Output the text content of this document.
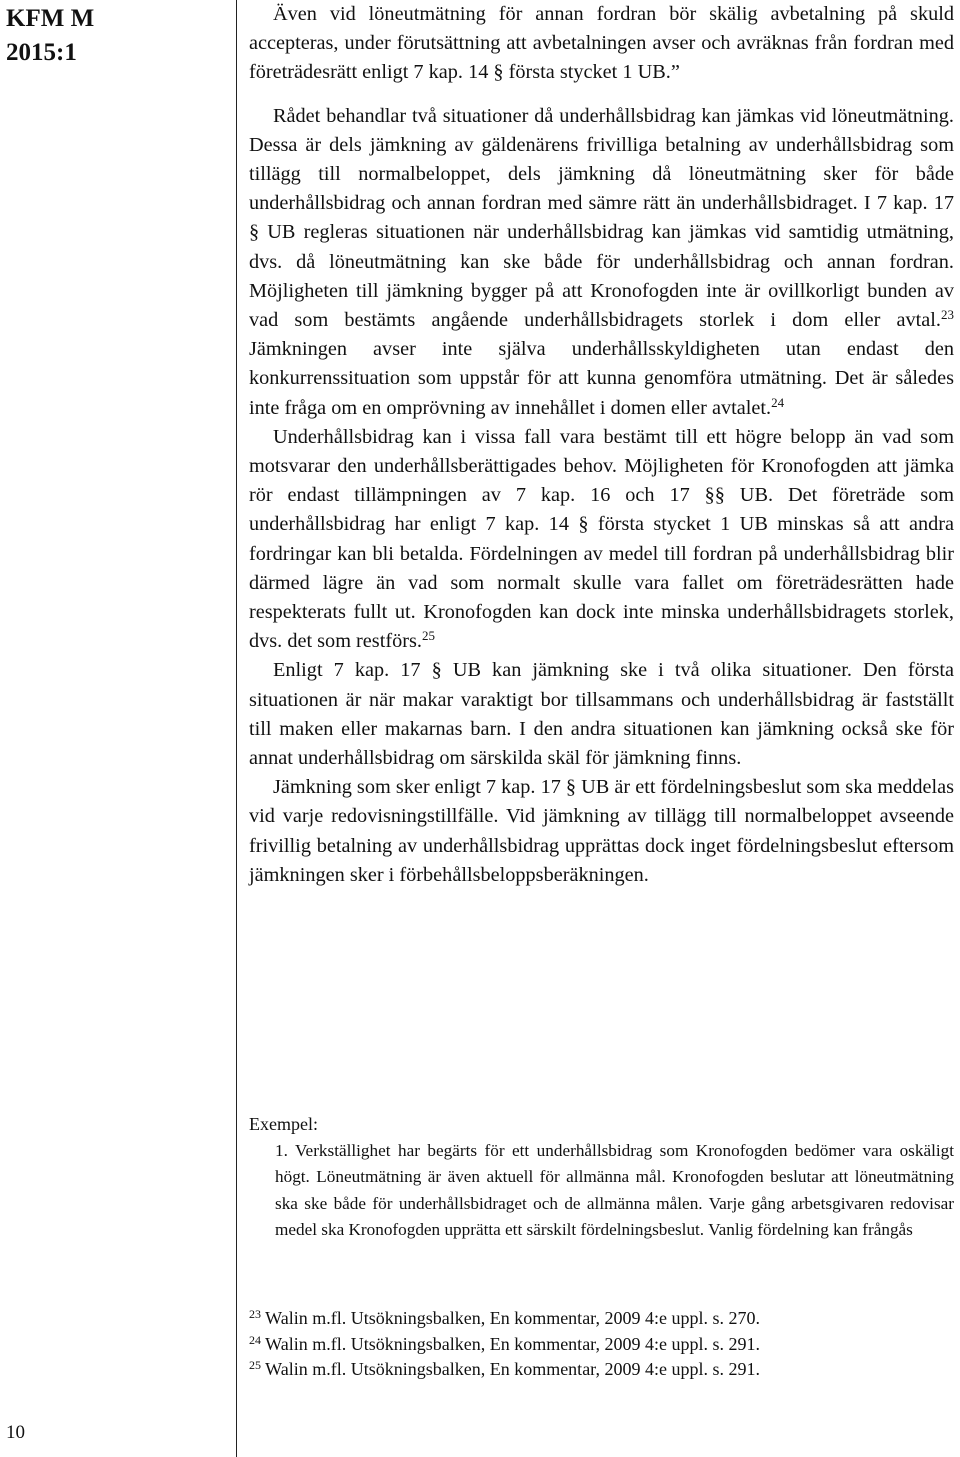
KFM M
2015:1
10

Även vid löneutmätning för annan fordran bör skälig avbetalning på skuld accepteras, under förutsättning att avbetalningen avser och avräknas från fordran med företrädesrätt enligt 7 kap. 14 § första stycket 1 UB.”

Rådet behandlar två situationer då underhållsbidrag kan jämkas vid löneutmätning. Dessa är dels jämkning av gäldenärens frivilliga betalning av underhållsbidrag som tillägg till normalbeloppet, dels jämkning då löneutmätning sker för både underhållsbidrag och annan fordran med sämre rätt än underhållsbidraget. I 7 kap. 17 § UB regleras situationen när underhållsbidrag kan jämkas vid samtidig utmätning, dvs. då löneutmätning kan ske både för underhållsbidrag och annan fordran. Möjligheten till jämkning bygger på att Kronofogden inte är ovillkorligt bunden av vad som bestämts angående underhållsbidragets storlek i dom eller avtal.$^{23}$ Jämkningen avser inte själva underhållsskyldigheten utan endast den konkurrenssituation som uppstår för att kunna genomföra utmätning. Det är således inte fråga om en omprövning av innehållet i domen eller avtalet.$^{24}$

Underhållsbidrag kan i vissa fall vara bestämt till ett högre belopp än vad som motsvarar den underhållsberättigades behov. Möjligheten för Kronofogden att jämka rör endast tillämpningen av 7 kap. 16 och 17 §§ UB. Det företräde som underhållsbidrag har enligt 7 kap. 14 § första stycket 1 UB minskas så att andra fordringar kan bli betalda. Fördelningen av medel till fordran på underhållsbidrag blir därmed lägre än vad som normalt skulle vara fallet om företrädesrätten hade respekterats fullt ut. Kronofogden kan dock inte minska underhållsbidragets storlek, dvs. det som restförs.$^{25}$

Enligt 7 kap. 17 § UB kan jämkning ske i två olika situationer. Den första situationen är när makar varaktigt bor tillsammans och underhållsbidrag är fastställt till maken eller makarnas barn. I den andra situationen kan jämkning också ske för annat underhållsbidrag om särskilda skäl för jämkning finns.

Jämkning som sker enligt 7 kap. 17 § UB är ett fördelningsbeslut som ska meddelas vid varje redovisningstillfälle. Vid jämkning av tillägg till normalbeloppet avseende frivillig betalning av underhållsbidrag upprättas dock inget fördelningsbeslut eftersom jämkningen sker i förbehållsbeloppsberäkningen.

Exempel:

1. Verkställighet har begärts för ett underhållsbidrag som Kronofogden bedömer vara oskäligt högt. Löneutmätning är även aktuell för allmänna mål. Kronofogden beslutar att löneutmätning ska ske både för underhållsbidraget och de allmänna målen. Varje gång arbetsgivaren redovisar medel ska Kronofogden upprätta ett särskilt fördelningsbeslut. Vanlig fördelning kan frångås

$^{23}$ Walin m.fl. Utsökningsbalken, En kommentar, 2009 4:e uppl. s. 270.

$^{24}$ Walin m.fl. Utsökningsbalken, En kommentar, 2009 4:e uppl. s. 291.

$^{25}$ Walin m.fl. Utsökningsbalken, En kommentar, 2009 4:e uppl. s. 291.
